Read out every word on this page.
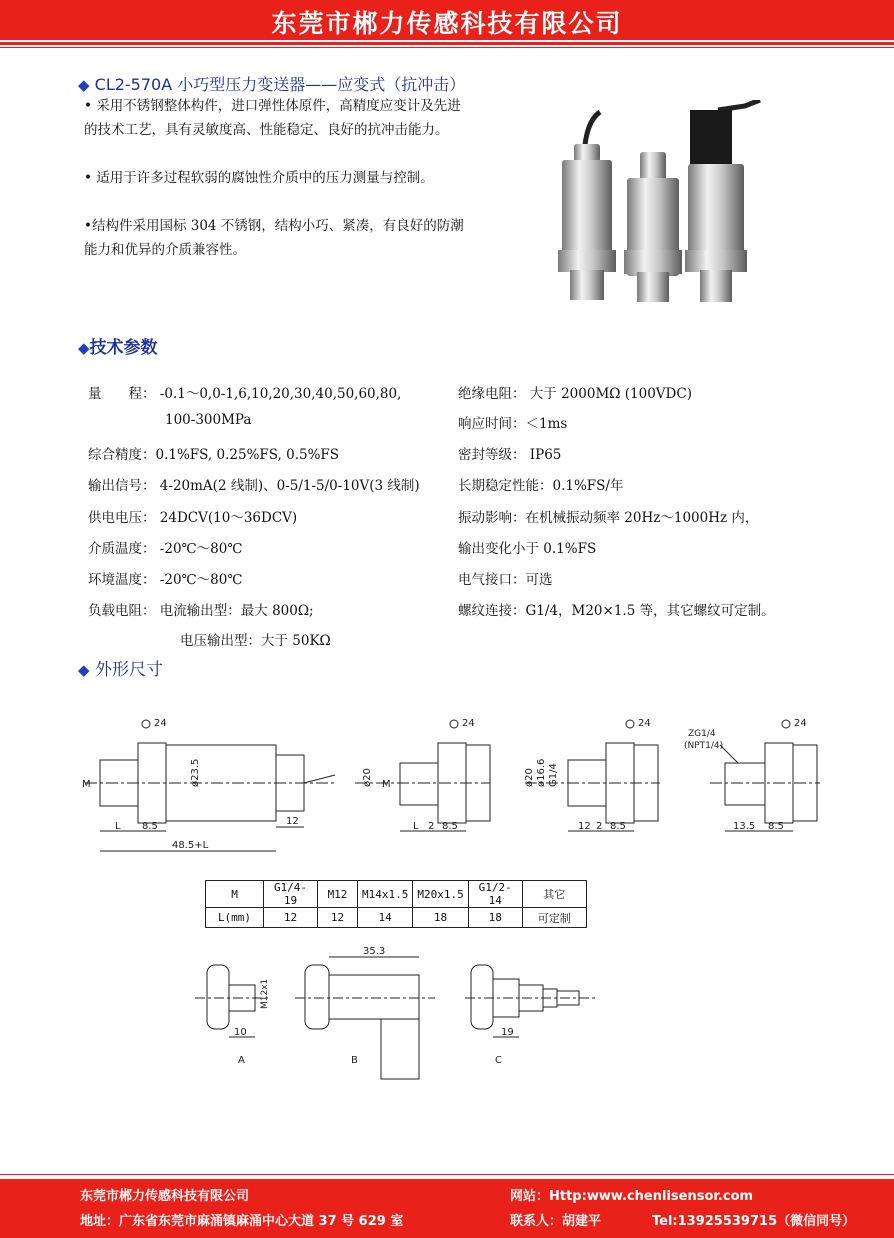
东莞市郴力传感科技有限公司
◆ CL2-570A 小巧型压力变送器——应变式（抗冲击）
• 采用不锈钢整体构件，进口弹性体原件，高精度应变计及先进的技术工艺，具有灵敏度高、性能稳定、良好的抗冲击能力。
• 适用于许多过程软弱的腐蚀性介质中的压力测量与控制。
•结构件采用国标 304 不锈钢，结构小巧、紧凑，有良好的防潮能力和优异的介质兼容性。
◆技术参数
量　　程： -0.1～0,0-1,6,10,20,30,40,50,60,80,
100-300MPa
综合精度：0.1%FS, 0.25%FS, 0.5%FS
输出信号： 4-20mA(2 线制)、0-5/1-5/0-10V(3 线制)
供电电压： 24DCV(10～36DCV)
介质温度： -20℃～80℃
环境温度： -20℃～80℃
负载电阻： 电流输出型：最大 800Ω;
电压输出型：大于 50KΩ
绝缘电阻： 大于 2000MΩ (100VDC)
响应时间：＜1ms
密封等级： IP65
长期稳定性能：0.1%FS/年
振动影响：在机械振动频率 20Hz～1000Hz 内，
输出变化小于 0.1%FS
电气接口：可选
螺纹连接：G1/4，M20×1.5 等，其它螺纹可定制。
◆ 外形尺寸
24
M	ø23.5
L 8.5	12
48.5+L
24
ø20 M
L 2 8.5
24
ø20 ø16.6 G1/4
12 2 8.5
24
ZG1/4
(NPT1/4)
13.5 8.5
M	G1/4-19	M12	M14x1.5	M20x1.5	G1/2-14	其它
L(mm)	12	12	14	18	18	可定制
M12x1
10
A
35.3
B
19
C
东莞市郴力传感科技有限公司	网站：Http:www.chenlisensor.com
地址：广东省东莞市麻涌镇麻涌中心大道 37 号 629 室	联系人：胡建平	Tel:13925539715（微信同号）
